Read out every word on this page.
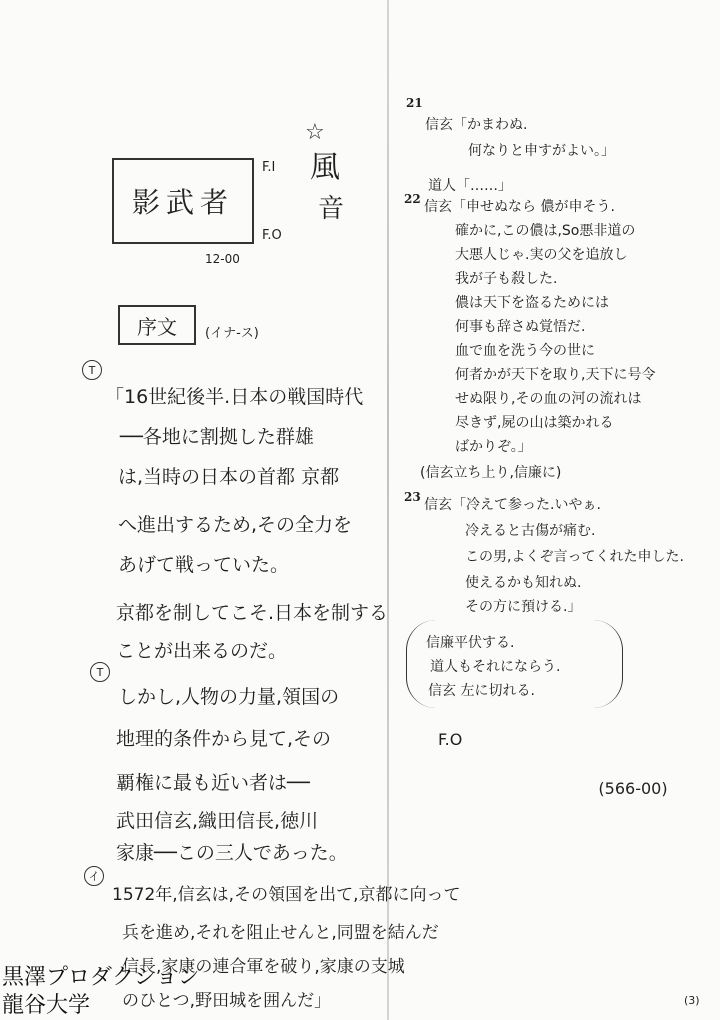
影武者
F.I
F.O
12-00
☆
風
音
序文 (イナ-ス)
T
T
イ
「16世紀後半.日本の戦国時代
──各地に割拠した群雄
は,当時の日本の首都 京都
へ進出するため,その全力を
あげて戦っていた。
京都を制してこそ.日本を制する
ことが出来るのだ。
しかし,人物の力量,領国の
地理的条件から見て,その
覇権に最も近い者は──
武田信玄,織田信長,徳川
家康──この三人であった。
1572年,信玄は,その領国を出て,京都に向って
兵を進め,それを阻止せんと,同盟を結んだ
信長,家康の連合軍を破り,家康の支城
のひとつ,野田城を囲んだ」
21
信玄「かまわぬ.
何なりと申すがよい。」
道人「……」
22 信玄「申せぬなら 儂が申そう.
確かに,この儂は,So悪非道の
大悪人じゃ.実の父を追放し
我が子も殺した.
儂は天下を盗るためには
何事も辞さぬ覚悟だ.
血で血を洗う今の世に
何者かが天下を取り,天下に号令
せぬ限り,その血の河の流れは
尽きず,屍の山は築かれる
ばかりぞ。」
(信玄立ち上り,信廉に)
23 信玄「冷えて参った.いやぁ.
冷えると古傷が痛む.
この男,よくぞ言ってくれた申した.
使えるかも知れぬ.
その方に預ける.」
信廉平伏する.
道人もそれにならう.
信玄 左に切れる.
F.O
(566-00)
(3)
黒澤プロダクション
龍谷大学
